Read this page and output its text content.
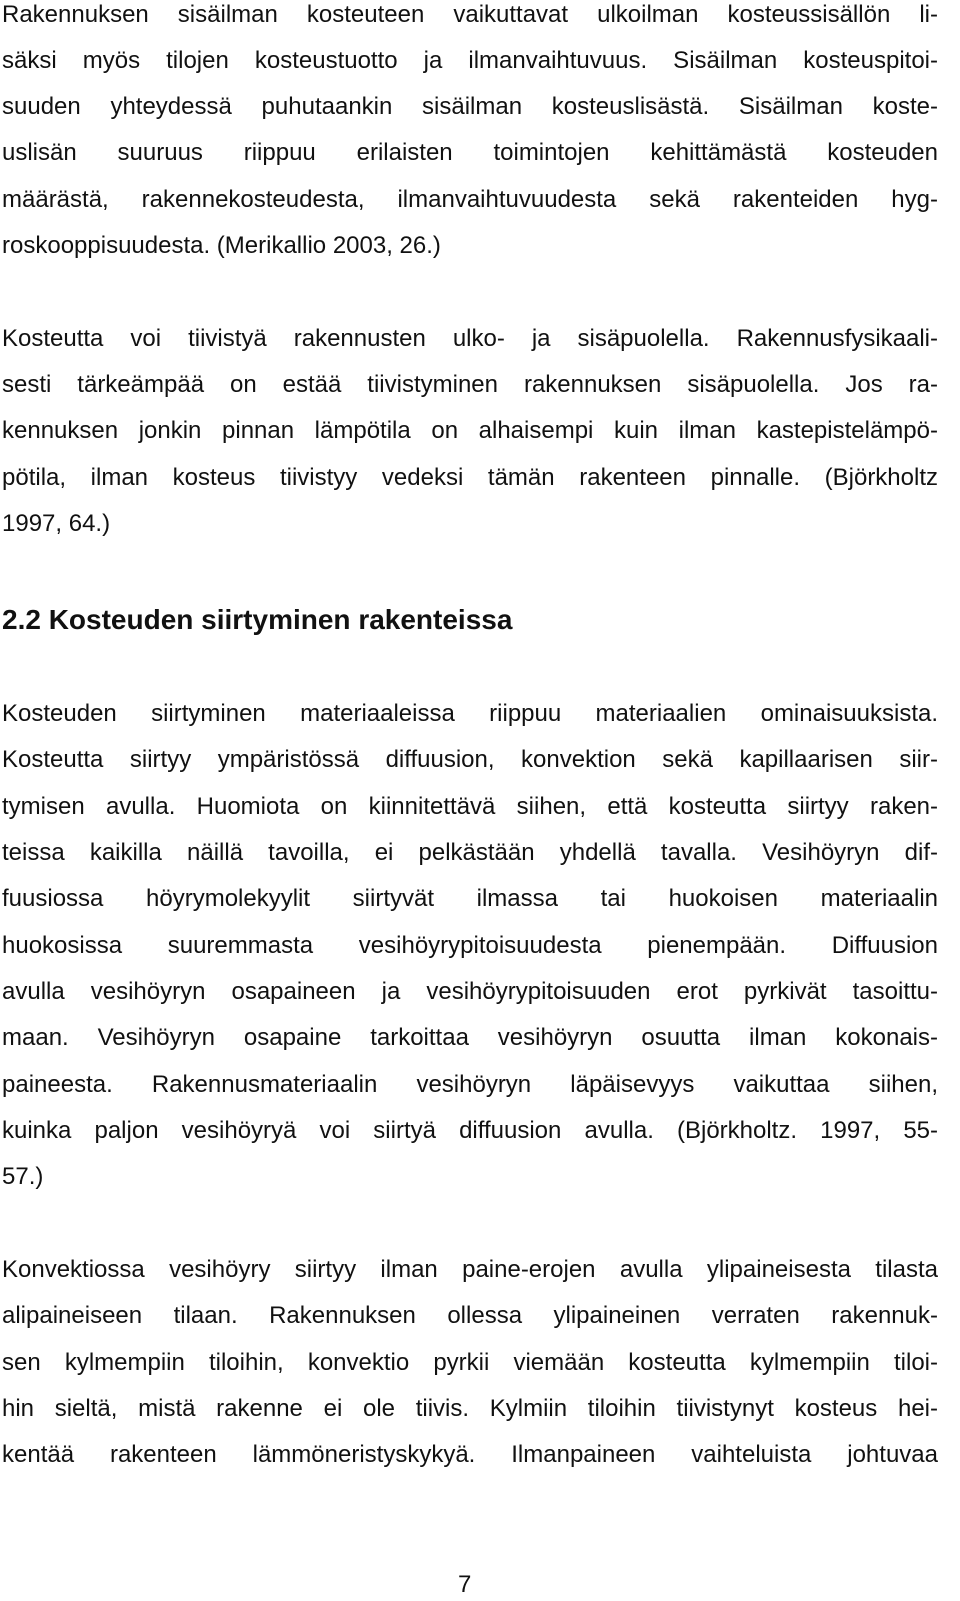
Rakennuksen sisäilman kosteuteen vaikuttavat ulkoilman kosteussisällön li-
säksi myös tilojen kosteustuotto ja ilmanvaihtuvuus. Sisäilman kosteuspitoi-
suuden yhteydessä puhutaankin sisäilman kosteuslisästä. Sisäilman koste-
uslisän suuruus riippuu erilaisten toimintojen kehittämästä kosteuden
määrästä, rakennekosteudesta, ilmanvaihtuvuudesta sekä rakenteiden hyg-
roskooppisuudesta. (Merikallio 2003, 26.)
Kosteutta voi tiivistyä rakennusten ulko- ja sisäpuolella. Rakennusfysikaali-
sesti tärkeämpää on estää tiivistyminen rakennuksen sisäpuolella. Jos ra-
kennuksen jonkin pinnan lämpötila on alhaisempi kuin ilman kastepistelämpö-
pötila, ilman kosteus tiivistyy vedeksi tämän rakenteen pinnalle. (Björkholtz
1997, 64.)
2.2 Kosteuden siirtyminen rakenteissa
Kosteuden siirtyminen materiaaleissa riippuu materiaalien ominaisuuksista.
Kosteutta siirtyy ympäristössä diffuusion, konvektion sekä kapillaarisen siir-
tymisen avulla. Huomiota on kiinnitettävä siihen, että kosteutta siirtyy raken-
teissa kaikilla näillä tavoilla, ei pelkästään yhdellä tavalla. Vesihöyryn dif-
fuusiossa höyrymolekyylit siirtyvät ilmassa tai huokoisen materiaalin
huokosissa suuremmasta vesihöyrypitoisuudesta pienempään. Diffuusion
avulla vesihöyryn osapaineen ja vesihöyrypitoisuuden erot pyrkivät tasoittu-
maan. Vesihöyryn osapaine tarkoittaa vesihöyryn osuutta ilman kokonais-
paineesta. Rakennusmateriaalin vesihöyryn läpäisevyys vaikuttaa siihen,
kuinka paljon vesihöyryä voi siirtyä diffuusion avulla. (Björkholtz. 1997, 55-
57.)
Konvektiossa vesihöyry siirtyy ilman paine-erojen avulla ylipaineisesta tilasta
alipaineiseen tilaan. Rakennuksen ollessa ylipaineinen verraten rakennuk-
sen kylmempiin tiloihin, konvektio pyrkii viemään kosteutta kylmempiin tiloi-
hin sieltä, mistä rakenne ei ole tiivis. Kylmiin tiloihin tiivistynyt kosteus hei-
kentää rakenteen lämmöneristyskykyä. Ilmanpaineen vaihteluista johtuvaa
7
